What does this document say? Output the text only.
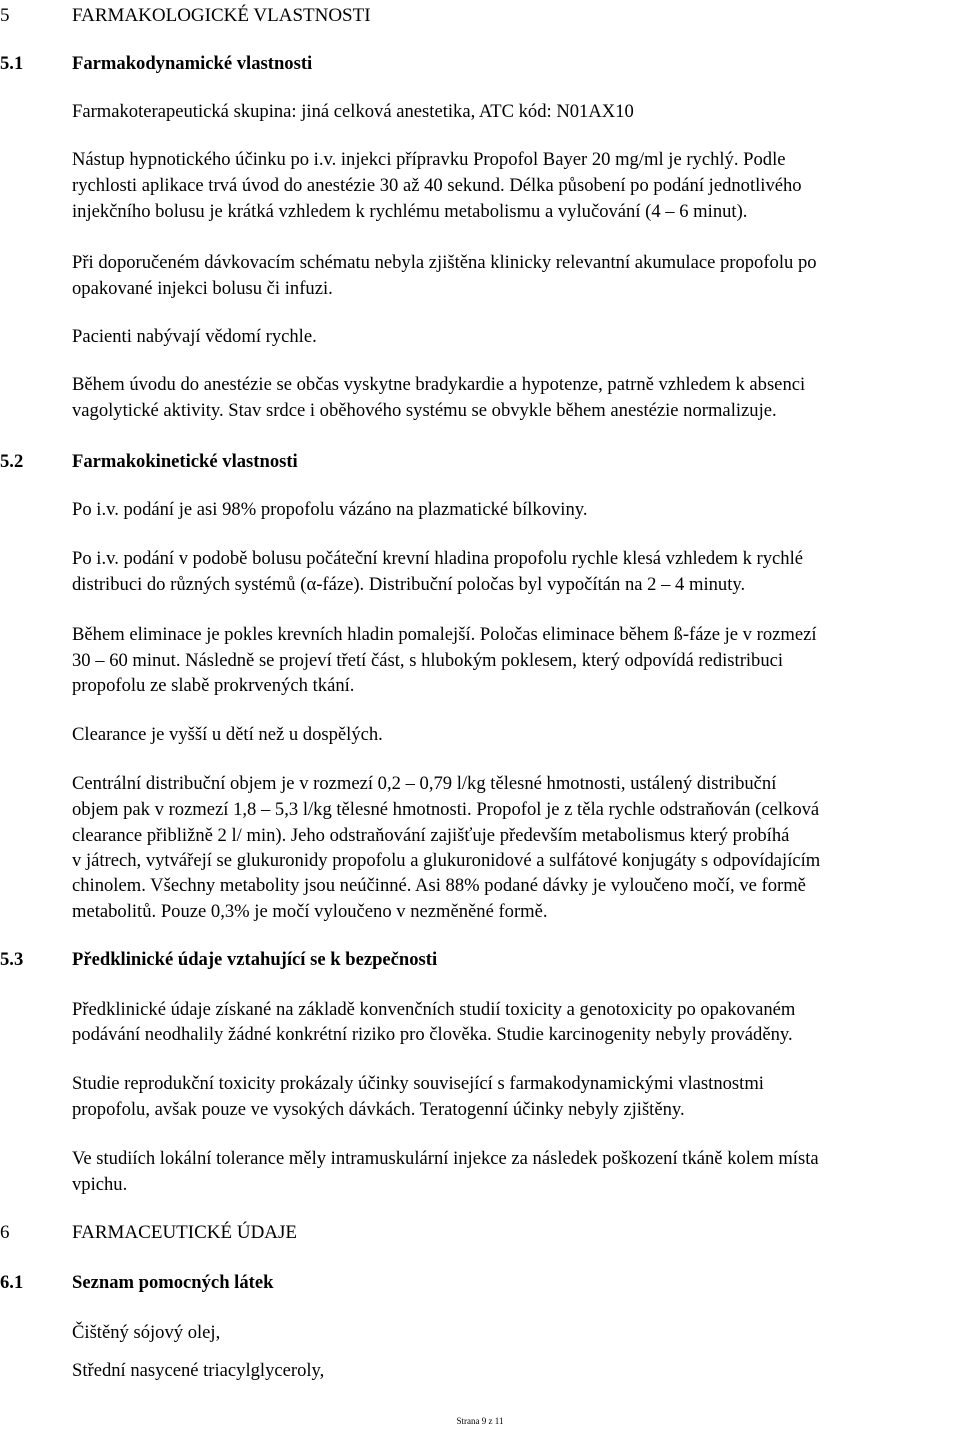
5	FARMAKOLOGICKÉ VLASTNOSTI
5.1	Farmakodynamické vlastnosti
Farmakoterapeutická skupina: jiná celková anestetika, ATC kód: N01AX10
Nástup hypnotického účinku po i.v. injekci přípravku Propofol Bayer 20 mg/ml je rychlý. Podle
rychlosti aplikace trvá úvod do anestézie 30 až 40 sekund. Délka působení po podání jednotlivého
injekčního bolusu je krátká vzhledem k rychlému metabolismu a vylučování (4 – 6 minut).
Při doporučeném dávkovacím schématu nebyla zjištěna klinicky relevantní akumulace propofolu po
opakované injekci bolusu či infuzi.
Pacienti nabývají vědomí rychle.
Během úvodu do anestézie se občas vyskytne bradykardie a hypotenze, patrně vzhledem k absenci
vagolytické aktivity. Stav srdce i oběhového systému se obvykle během anestézie normalizuje.
5.2	Farmakokinetické vlastnosti
Po i.v. podání je asi 98% propofolu vázáno na plazmatické bílkoviny.
Po i.v. podání v podobě bolusu počáteční krevní hladina propofolu rychle klesá vzhledem k rychlé
distribuci do různých systémů (α-fáze). Distribuční poločas byl vypočítán na 2 – 4 minuty.
Během eliminace je pokles krevních hladin pomalejší. Poločas eliminace během ß-fáze je v rozmezí
30 – 60 minut. Následně se projeví třetí část, s hlubokým poklesem, který odpovídá redistribuci
propofolu ze slabě prokrvených tkání.
Clearance je vyšší u dětí než u dospělých.
Centrální distribuční objem je v rozmezí 0,2 – 0,79 l/kg tělesné hmotnosti, ustálený distribuční
objem pak v rozmezí 1,8 – 5,3 l/kg tělesné hmotnosti. Propofol je z těla rychle odstraňován (celková
clearance přibližně 2 l/ min). Jeho odstraňování zajišťuje především metabolismus který probíhá
v játrech, vytvářejí se glukuronidy propofolu a glukuronidové a sulfátové konjugáty s odpovídajícím
chinolem. Všechny metabolity jsou neúčinné. Asi 88% podané dávky je vyloučeno močí, ve formě
metabolitů. Pouze 0,3% je močí vyloučeno v nezměněné formě.
5.3	Předklinické údaje vztahující se k bezpečnosti
Předklinické údaje získané na základě konvenčních studií toxicity a genotoxicity po opakovaném
podávání neodhalily žádné konkrétní riziko pro člověka. Studie karcinogenity nebyly prováděny.
Studie reprodukční toxicity prokázaly účinky související s farmakodynamickými vlastnostmi
propofolu, avšak pouze ve vysokých dávkách. Teratogenní účinky nebyly zjištěny.
Ve studiích lokální tolerance měly intramuskulární injekce za následek poškození tkáně kolem místa
vpichu.
6	FARMACEUTICKÉ ÚDAJE
6.1	Seznam pomocných látek
Čištěný sójový olej,
Střední nasycené triacylglyceroly,
Strana 9 z 11
